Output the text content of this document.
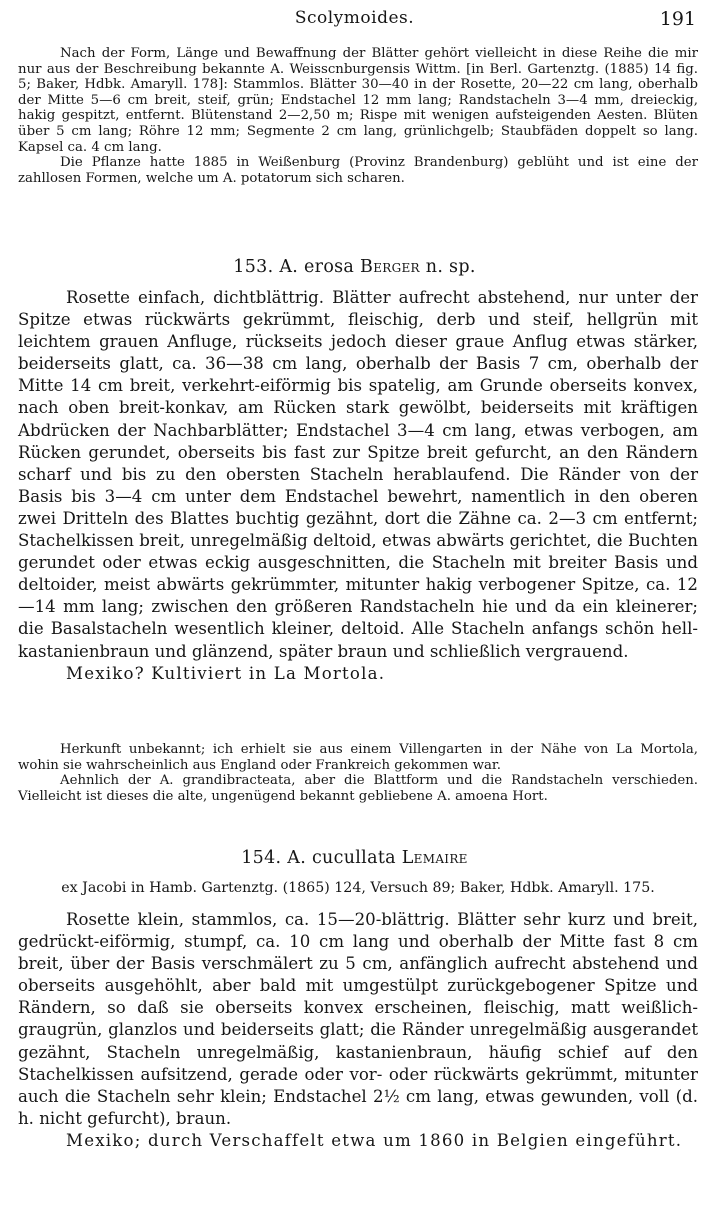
Scolymoides.	191

Nach der Form, Länge und Bewaffnung der Blätter gehört vielleicht in diese Reihe die mir nur aus der Beschreibung bekannte A. Weisscnburgensis Wittm. [in Berl. Gartenztg. (1885) 14 fig. 5; Baker, Hdbk. Amaryll. 178]: Stammlos. Blätter 30—40 in der Rosette, 20—22 cm lang, oberhalb der Mitte 5—6 cm breit, steif, grün; Endstachel 12 mm lang; Randstacheln 3—4 mm, dreieckig, hakig gespitzt, entfernt. Blütenstand 2—2,50 m; Rispe mit wenigen aufsteigenden Aesten. Blüten über 5 cm lang; Röhre 12 mm; Segmente 2 cm lang, grünlichgelb; Staubfäden doppelt so lang. Kapsel ca. 4 cm lang.

Die Pflanze hatte 1885 in Weißenburg (Provinz Brandenburg) geblüht und ist eine der zahllosen Formen, welche um A. potatorum sich scharen.

153. A. erosa Berger n. sp.

Rosette einfach, dichtblättrig. Blätter aufrecht abstehend, nur unter der Spitze etwas rückwärts gekrümmt, fleischig, derb und steif, hellgrün mit leichtem grauen Anfluge, rückseits jedoch dieser graue Anflug etwas stärker, beiderseits glatt, ca. 36—38 cm lang, oberhalb der Basis 7 cm, oberhalb der Mitte 14 cm breit, verkehrt-eiförmig bis spatelig, am Grunde oberseits konvex, nach oben breit-konkav, am Rücken stark gewölbt, beiderseits mit kräftigen Abdrücken der Nachbarblätter; Endstachel 3—4 cm lang, etwas verbogen, am Rücken gerundet, oberseits bis fast zur Spitze breit gefurcht, an den Rändern scharf und bis zu den obersten Stacheln herablaufend. Die Ränder von der Basis bis 3—4 cm unter dem Endstachel bewehrt, namentlich in den oberen zwei Dritteln des Blattes buchtig gezähnt, dort die Zähne ca. 2—3 cm entfernt; Stachelkissen breit, unregelmäßig deltoid, etwas abwärts gerichtet, die Buchten gerundet oder etwas eckig ausgeschnitten, die Stacheln mit breiter Basis und deltoider, meist abwärts gekrümmter, mitunter hakig verbogener Spitze, ca. 12—14 mm lang; zwischen den größeren Randstacheln hie und da ein kleinerer; die Basalstacheln wesentlich kleiner, deltoid. Alle Stacheln anfangs schön hell-kastanienbraun und glänzend, später braun und schließlich vergrauend.

Mexiko? Kultiviert in La Mortola.

Herkunft unbekannt; ich erhielt sie aus einem Villengarten in der Nähe von La Mortola, wohin sie wahrscheinlich aus England oder Frankreich gekommen war.

Aehnlich der A. grandibracteata, aber die Blattform und die Randstacheln verschieden. Vielleicht ist dieses die alte, ungenügend bekannt gebliebene A. amoena Hort.

154. A. cucullata Lemaire
ex Jacobi in Hamb. Gartenztg. (1865) 124, Versuch 89; Baker, Hdbk. Amaryll. 175.

Rosette klein, stammlos, ca. 15—20-blättrig. Blätter sehr kurz und breit, gedrückt-eiförmig, stumpf, ca. 10 cm lang und oberhalb der Mitte fast 8 cm breit, über der Basis verschmälert zu 5 cm, anfänglich aufrecht abstehend und oberseits ausgehöhlt, aber bald mit umgestülpt zurückgebogener Spitze und Rändern, so daß sie oberseits konvex erscheinen, fleischig, matt weißlich-graugrün, glanzlos und beiderseits glatt; die Ränder unregelmäßig ausgerandet gezähnt, Stacheln unregelmäßig, kastanienbraun, häufig schief auf den Stachelkissen aufsitzend, gerade oder vor- oder rückwärts gekrümmt, mitunter auch die Stacheln sehr klein; Endstachel 2½ cm lang, etwas gewunden, voll (d. h. nicht gefurcht), braun.

Mexiko; durch Verschaffelt etwa um 1860 in Belgien eingeführt.
